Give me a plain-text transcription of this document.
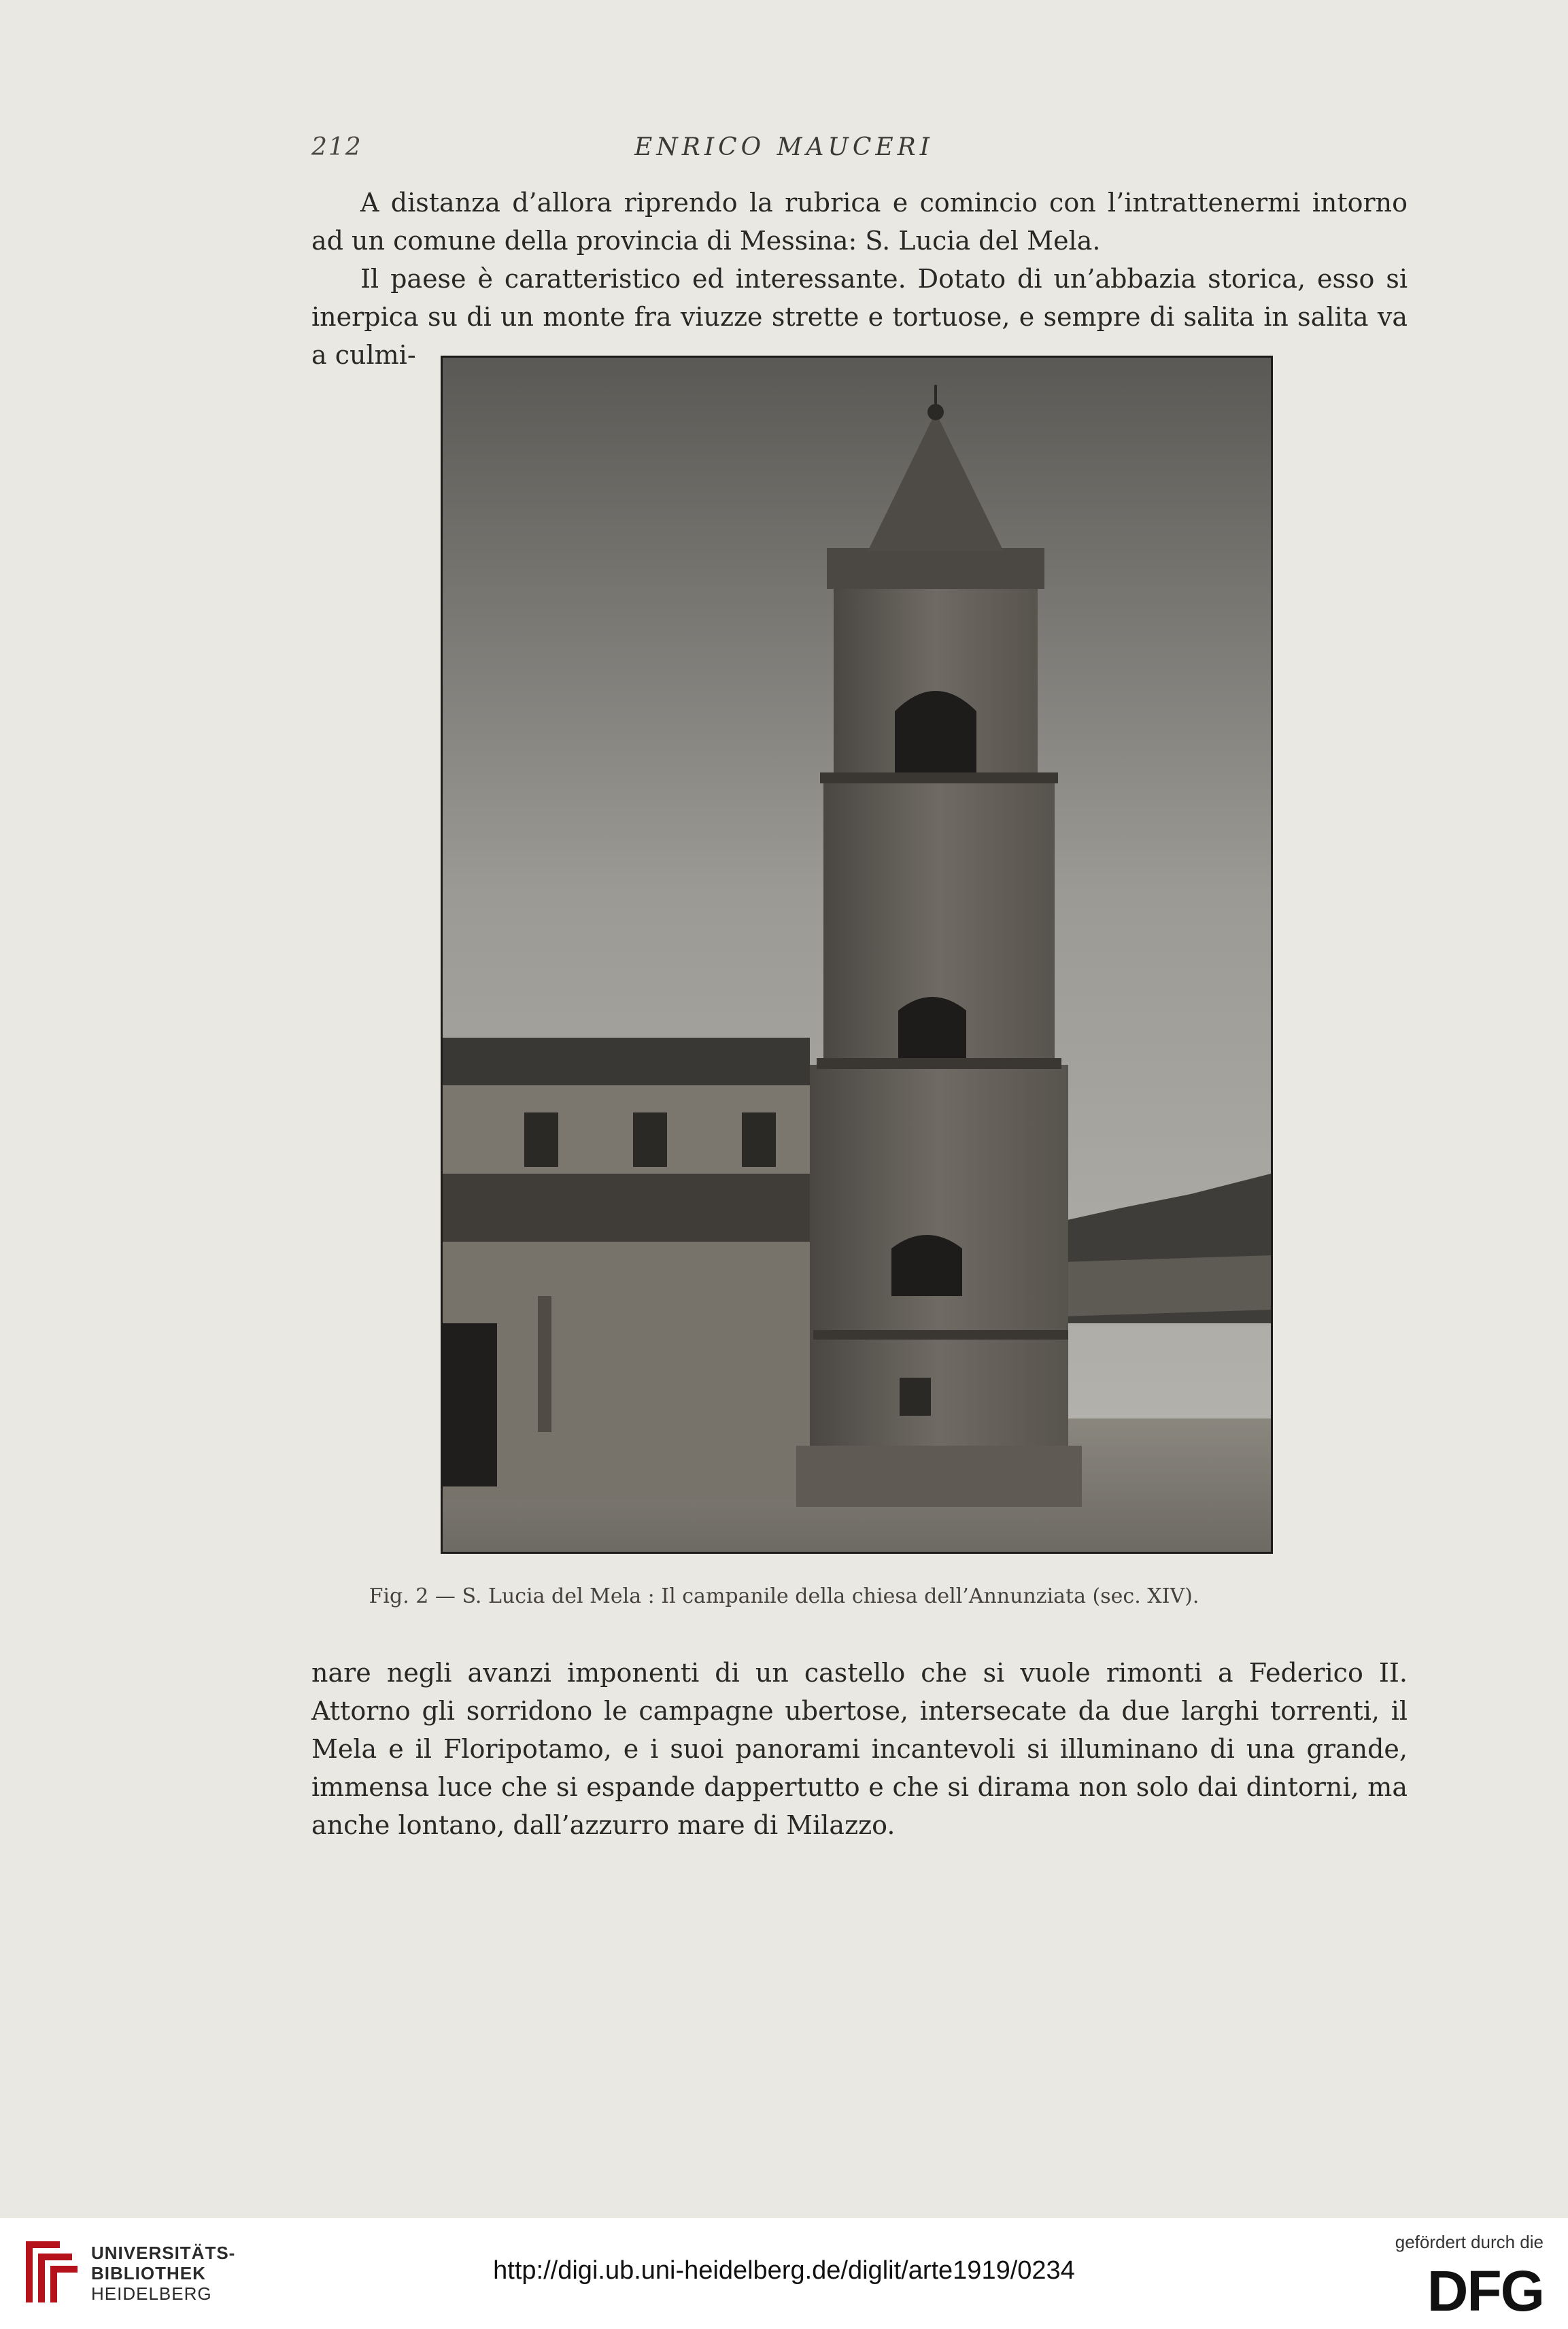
212	ENRICO MAUCERI

A distanza d’allora riprendo la rubrica e comincio con l’intrattenermi intorno ad un comune della provincia di Messina: S. Lucia del Mela.

Il paese è caratteristico ed interessante. Dotato di un’abbazia storica, esso si inerpica su di un monte fra viuzze strette e tortuose, e sempre di salita in salita va a culmi-

Fig. 2 — S. Lucia del Mela : Il campanile della chiesa dell’Annunziata (sec. XIV).

nare negli avanzi imponenti di un castello che si vuole rimonti a Federico II. Attorno gli sorridono le campagne ubertose, intersecate da due larghi torrenti, il Mela e il Floripotamo, e i suoi panorami incantevoli si illuminano di una grande, immensa luce che si espande dappertutto e che si dirama non solo dai dintorni, ma anche lontano, dall’azzurro mare di Milazzo.

UNIVERSITÄTS-
BIBLIOTHEK
HEIDELBERG
http://digi.ub.uni-heidelberg.de/diglit/arte1919/0234
gefördert durch die
DFG
